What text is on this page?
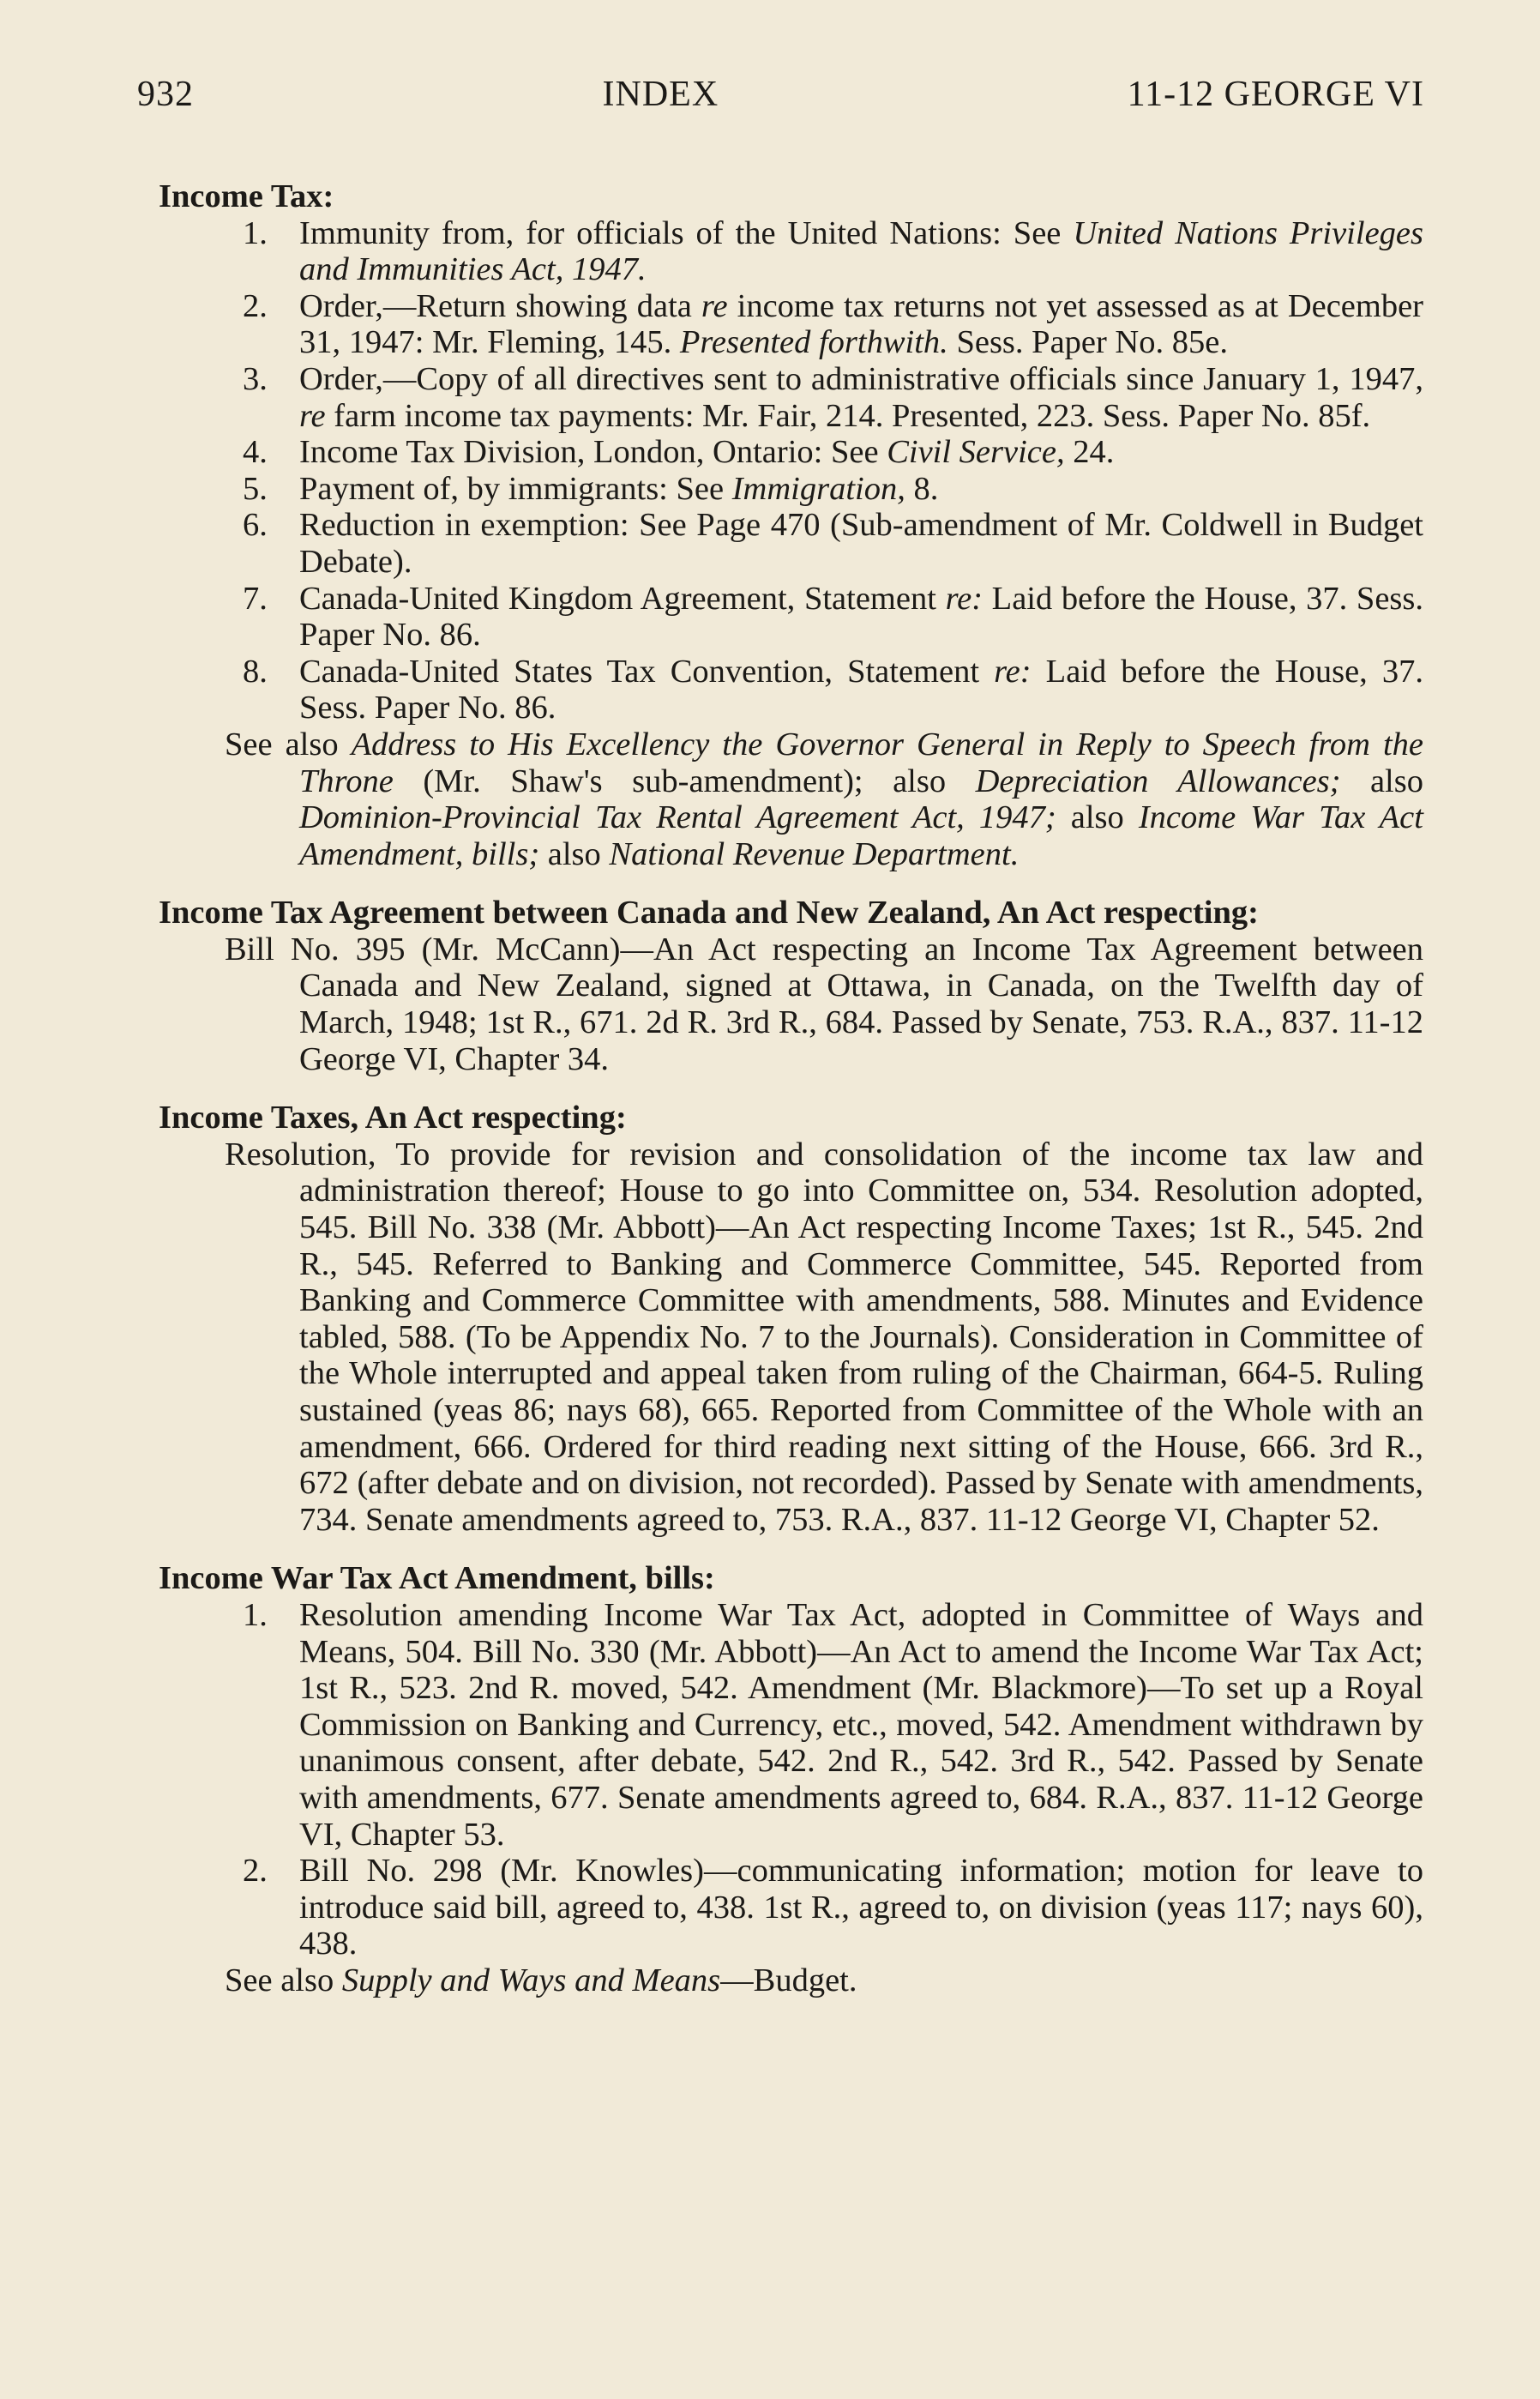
932	INDEX	11-12 GEORGE VI
Income Tax:
1. Immunity from, for officials of the United Nations: See United Nations Privileges and Immunities Act, 1947.
2. Order,—Return showing data re income tax returns not yet assessed as at December 31, 1947: Mr. Fleming, 145. Presented forthwith. Sess. Paper No. 85e.
3. Order,—Copy of all directives sent to administrative officials since January 1, 1947, re farm income tax payments: Mr. Fair, 214. Presented, 223. Sess. Paper No. 85f.
4. Income Tax Division, London, Ontario: See Civil Service, 24.
5. Payment of, by immigrants: See Immigration, 8.
6. Reduction in exemption: See Page 470 (Sub-amendment of Mr. Coldwell in Budget Debate).
7. Canada-United Kingdom Agreement, Statement re: Laid before the House, 37. Sess. Paper No. 86.
8. Canada-United States Tax Convention, Statement re: Laid before the House, 37. Sess. Paper No. 86.

See also Address to His Excellency the Governor General in Reply to Speech from the Throne (Mr. Shaw's sub-amendment); also Depreciation Allowances; also Dominion-Provincial Tax Rental Agreement Act, 1947; also Income War Tax Act Amendment, bills; also National Revenue Department.

Income Tax Agreement between Canada and New Zealand, An Act respecting:

Bill No. 395 (Mr. McCann)—An Act respecting an Income Tax Agreement between Canada and New Zealand, signed at Ottawa, in Canada, on the Twelfth day of March, 1948; 1st R., 671. 2d R. 3rd R., 684. Passed by Senate, 753. R.A., 837. 11-12 George VI, Chapter 34.

Income Taxes, An Act respecting:

Resolution, To provide for revision and consolidation of the income tax law and administration thereof; House to go into Committee on, 534. Resolution adopted, 545. Bill No. 338 (Mr. Abbott)—An Act respecting Income Taxes; 1st R., 545. 2nd R., 545. Referred to Banking and Commerce Committee, 545. Reported from Banking and Commerce Committee with amendments, 588. Minutes and Evidence tabled, 588. (To be Appendix No. 7 to the Journals). Consideration in Committee of the Whole interrupted and appeal taken from ruling of the Chairman, 664-5. Ruling sustained (yeas 86; nays 68), 665. Reported from Committee of the Whole with an amendment, 666. Ordered for third reading next sitting of the House, 666. 3rd R., 672 (after debate and on division, not recorded). Passed by Senate with amendments, 734. Senate amendments agreed to, 753. R.A., 837. 11-12 George VI, Chapter 52.

Income War Tax Act Amendment, bills:
1. Resolution amending Income War Tax Act, adopted in Committee of Ways and Means, 504. Bill No. 330 (Mr. Abbott)—An Act to amend the Income War Tax Act; 1st R., 523. 2nd R. moved, 542. Amendment (Mr. Blackmore)—To set up a Royal Commission on Banking and Currency, etc., moved, 542. Amendment withdrawn by unanimous consent, after debate, 542. 2nd R., 542. 3rd R., 542. Passed by Senate with amendments, 677. Senate amendments agreed to, 684. R.A., 837. 11-12 George VI, Chapter 53.
2. Bill No. 298 (Mr. Knowles)—communicating information; motion for leave to introduce said bill, agreed to, 438. 1st R., agreed to, on division (yeas 117; nays 60), 438.

See also Supply and Ways and Means—Budget.
